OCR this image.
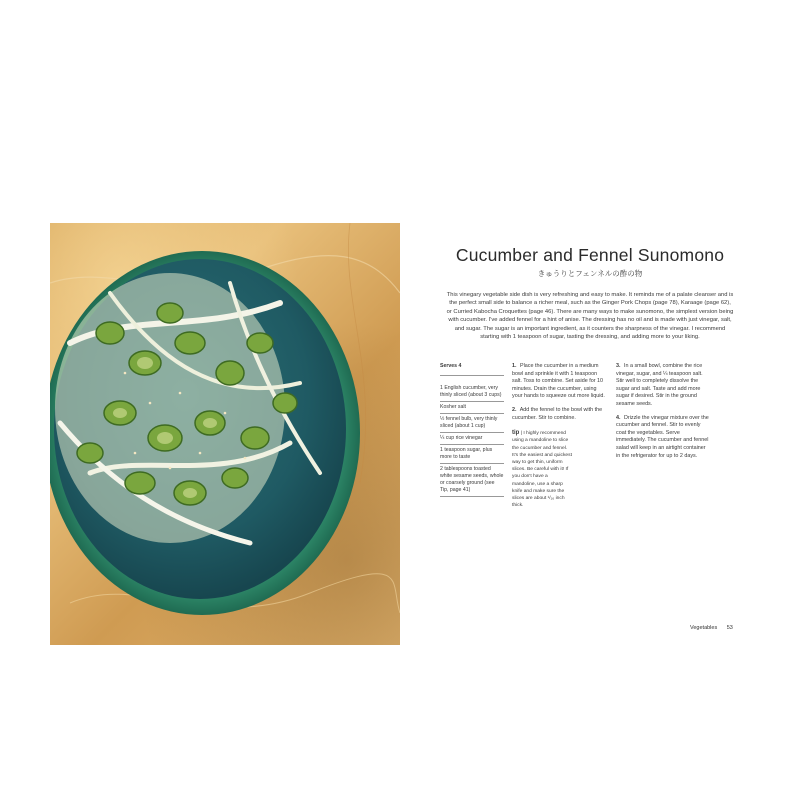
Cucumber and Fennel Sunomono
きゅうりとフェンネルの酢の物

This vinegary vegetable side dish is very refreshing and easy to make. It reminds me of a palate cleanser and is the perfect small side to balance a richer meal, such as the Ginger Pork Chops (page 78), Karaage (page 62), or Curried Kabocha Croquettes (page 46). There are many ways to make sunomono, the simplest version being with cucumber. I've added fennel for a hint of anise. The dressing has no oil and is made with just vinegar, salt, and sugar. The sugar is an important ingredient, as it counters the sharpness of the vinegar. I recommend starting with 1 teaspoon of sugar, tasting the dressing, and adding more to your liking.

Serves 4
1 English cucumber, very thinly sliced (about 3 cups)
Kosher salt
½ fennel bulb, very thinly sliced (about 1 cup)
¼ cup rice vinegar
1 teaspoon sugar, plus more to taste
2 tablespoons toasted white sesame seeds, whole or coarsely ground (see Tip, page 41)

1. Place the cucumber in a medium bowl and sprinkle it with 1 teaspoon salt. Toss to combine. Set aside for 10 minutes. Drain the cucumber, using your hands to squeeze out more liquid.

2. Add the fennel to the bowl with the cucumber. Stir to combine.

tip | I highly recommend using a mandoline to slice the cucumber and fennel. It's the easiest and quickest way to get thin, uniform slices. Be careful with it! If you don't have a mandoline, use a sharp knife and make sure the slices are about ¹/₁₆ inch thick.

3. In a small bowl, combine the rice vinegar, sugar, and ¼ teaspoon salt. Stir well to completely dissolve the sugar and salt. Taste and add more sugar if desired. Stir in the ground sesame seeds.

4. Drizzle the vinegar mixture over the cucumber and fennel. Stir to evenly coat the vegetables. Serve immediately. The cucumber and fennel salad will keep in an airtight container in the refrigerator for up to 2 days.

Vegetables 53
